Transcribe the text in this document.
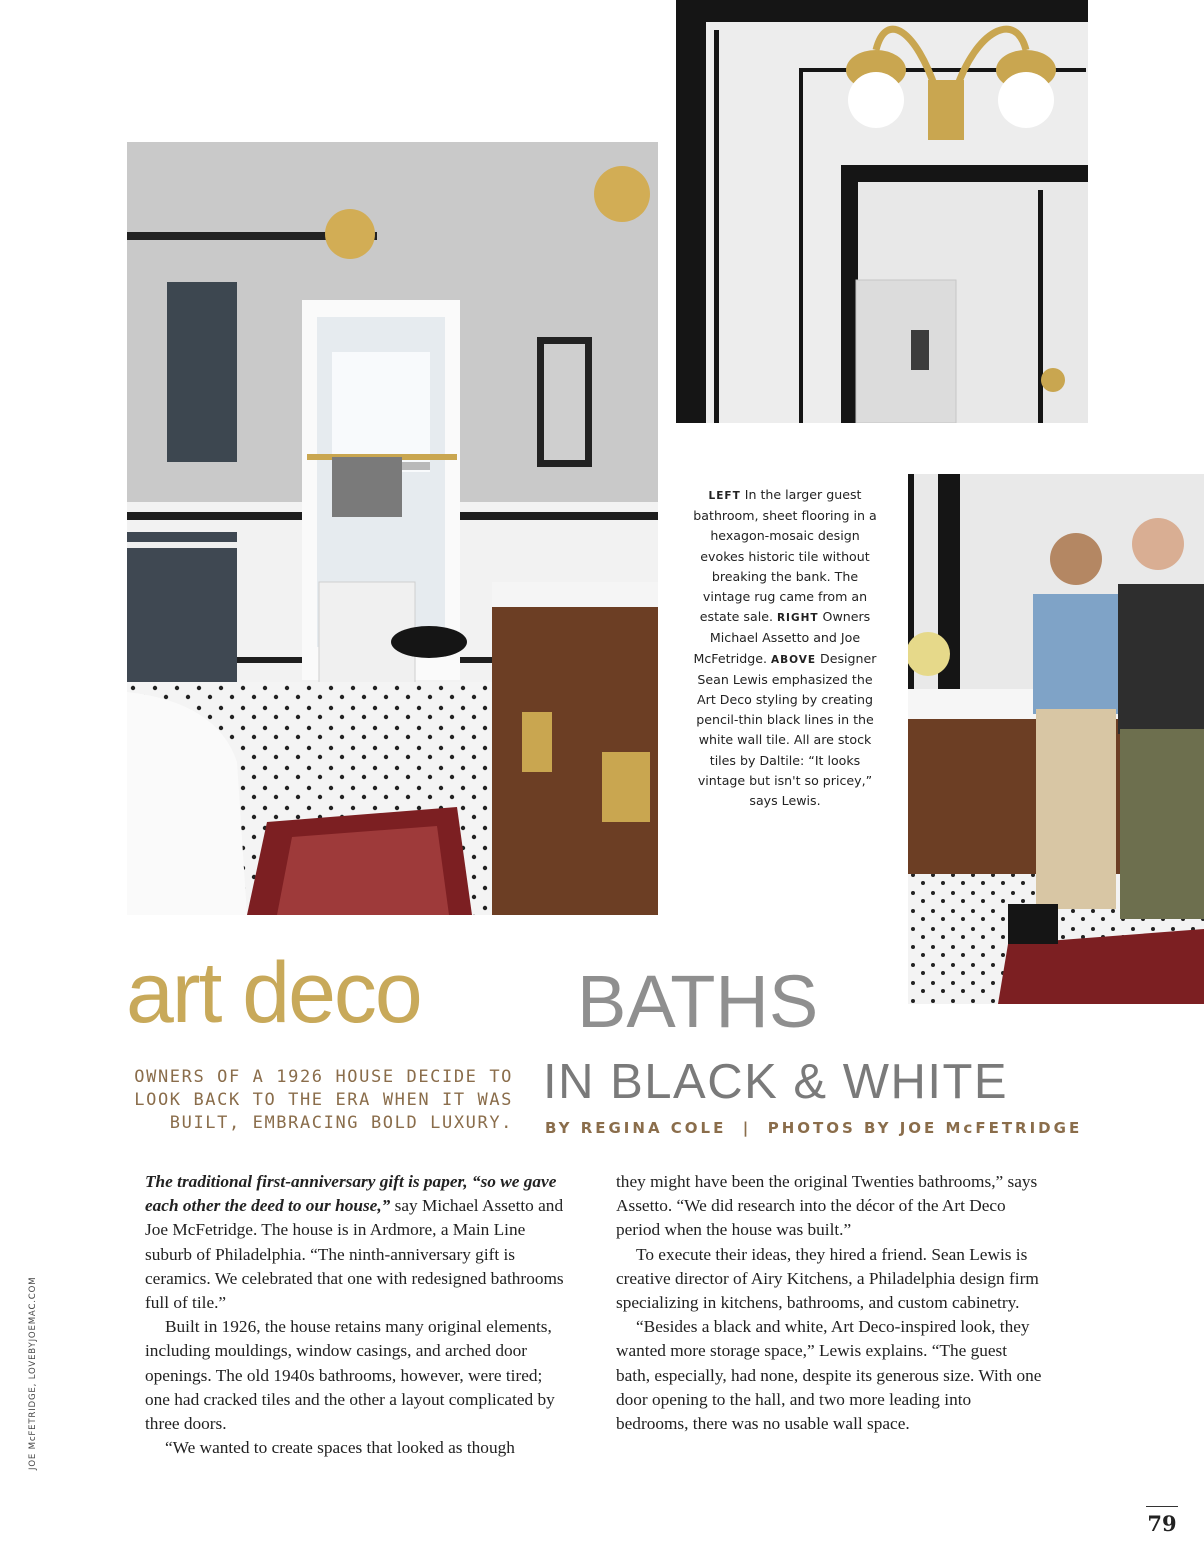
LEFT In the larger guest bathroom, sheet flooring in a hexagon-mosaic design evokes historic tile without breaking the bank. The vintage rug came from an estate sale. RIGHT Owners Michael Assetto and Joe McFetridge. ABOVE Designer Sean Lewis emphasized the Art Deco styling by creating pencil-thin black lines in the white wall tile. All are stock tiles by Daltile: “It looks vintage but isn't so pricey,” says Lewis.
art deco BATHS
IN BLACK & WHITE
OWNERS OF A 1926 HOUSE DECIDE TO LOOK BACK TO THE ERA WHEN IT WAS BUILT, EMBRACING BOLD LUXURY. BY REGINA COLE  |  PHOTOS BY JOE McFETRIDGE

The traditional first-anniversary gift is paper, “so we gave each other the deed to our house,” say Michael Assetto and Joe McFetridge. The house is in Ardmore, a Main Line suburb of Philadelphia. “The ninth-anniversary gift is ceramics. We celebrated that one with redesigned bathrooms full of tile.”

Built in 1926, the house retains many original elements, including mouldings, window casings, and arched door openings. The old 1940s bathrooms, however, were tired; one had cracked tiles and the other a layout complicated by three doors.

“We wanted to create spaces that looked as though

they might have been the original Twenties bathrooms,” says Assetto. “We did research into the décor of the Art Deco period when the house was built.”

To execute their ideas, they hired a friend. Sean Lewis is creative director of Airy Kitchens, a Philadelphia design firm specializing in kitchens, bathrooms, and custom cabinetry.

“Besides a black and white, Art Deco-inspired look, they wanted more storage space,” Lewis explains. “The guest bath, especially, had none, despite its generous size. With one door opening to the hall, and two more leading into bedrooms, there was no usable wall space.

JOE McFETRIDGE, LOVEBYJOEMAC.COM
79
